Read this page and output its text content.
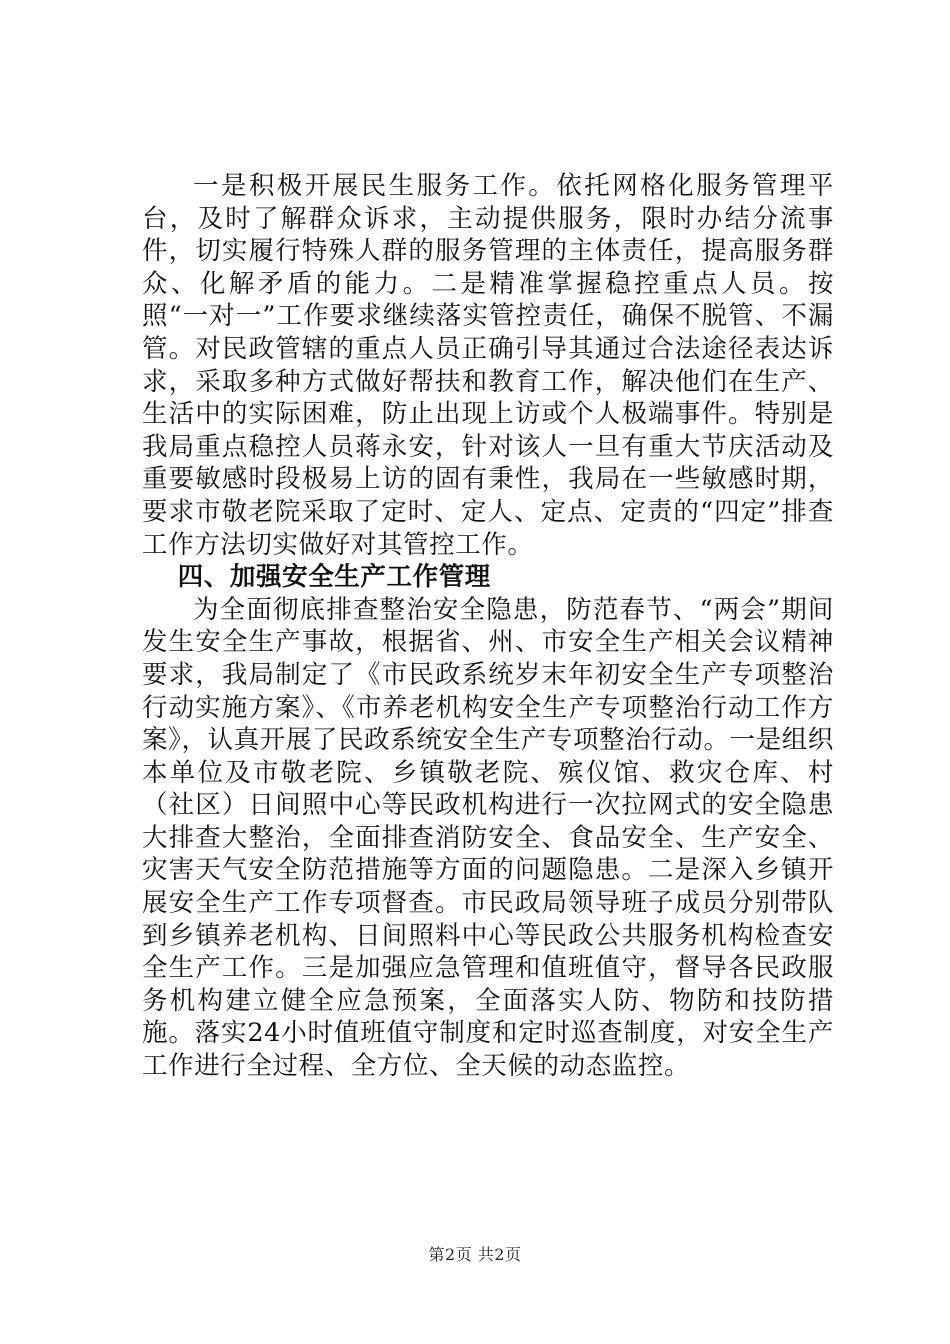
一是积极开展民生服务工作。依托网格化服务管理平台，及时了解群众诉求，主动提供服务，限时办结分流事件，切实履行特殊人群的服务管理的主体责任，提高服务群众、化解矛盾的能力。二是精准掌握稳控重点人员。按照“一对一”工作要求继续落实管控责任，确保不脱管、不漏管。对民政管辖的重点人员正确引导其通过合法途径表达诉求，采取多种方式做好帮扶和教育工作，解决他们在生产、生活中的实际困难，防止出现上访或个人极端事件。特别是我局重点稳控人员蒋永安，针对该人一旦有重大节庆活动及重要敏感时段极易上访的固有秉性，我局在一些敏感时期，要求市敬老院采取了定时、定人、定点、定责的“四定”排查工作方法切实做好对其管控工作。

四、加强安全生产工作管理

为全面彻底排查整治安全隐患，防范春节、“两会”期间发生安全生产事故，根据省、州、市安全生产相关会议精神要求，我局制定了《市民政系统岁末年初安全生产专项整治行动实施方案》、《市养老机构安全生产专项整治行动工作方案》，认真开展了民政系统安全生产专项整治行动。一是组织本单位及市敬老院、乡镇敬老院、殡仪馆、救灾仓库、村（社区）日间照中心等民政机构进行一次拉网式的安全隐患大排查大整治，全面排查消防安全、食品安全、生产安全、灾害天气安全防范措施等方面的问题隐患。二是深入乡镇开展安全生产工作专项督查。市民政局领导班子成员分别带队到乡镇养老机构、日间照料中心等民政公共服务机构检查安全生产工作。三是加强应急管理和值班值守，督导各民政服务机构建立健全应急预案，全面落实人防、物防和技防措施。落实24小时值班值守制度和定时巡查制度，对安全生产工作进行全过程、全方位、全天候的动态监控。

第2页 共2页
